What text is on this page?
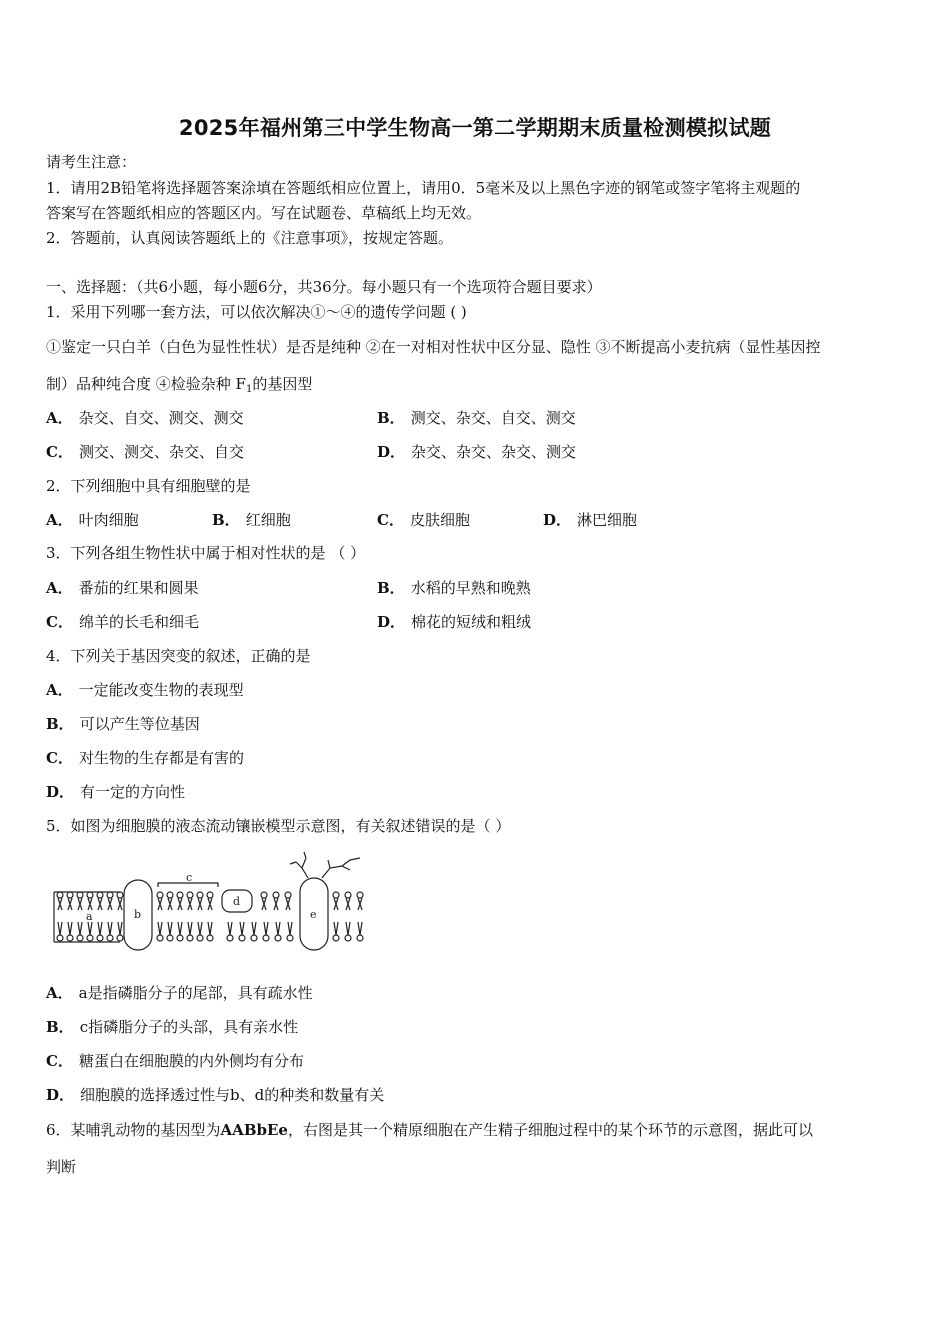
2025年福州第三中学生物高一第二学期期末质量检测模拟试题
请考生注意：
1．请用2B铅笔将选择题答案涂填在答题纸相应位置上，请用0．5毫米及以上黑色字迹的钢笔或签字笔将主观题的
答案写在答题纸相应的答题区内。写在试题卷、草稿纸上均无效。
2．答题前，认真阅读答题纸上的《注意事项》，按规定答题。
一、选择题：（共6小题，每小题6分，共36分。每小题只有一个选项符合题目要求）
1．采用下列哪一套方法，可以依次解决①～④的遗传学问题 ( )
①鉴定一只白羊（白色为显性性状）是否是纯种 ②在一对相对性状中区分显、隐性 ③不断提高小麦抗病（显性基因控
制）品种纯合度 ④检验杂种 $F_1$的基因型
A． 杂交、自交、测交、测交	B． 测交、杂交、自交、测交
C． 测交、测交、杂交、自交	D． 杂交、杂交、杂交、测交
2．下列细胞中具有细胞壁的是
A． 叶肉细胞	B． 红细胞	C． 皮肤细胞	D． 淋巴细胞
3．下列各组生物性状中属于相对性状的是 （ ）
A． 番茄的红果和圆果	B． 水稻的早熟和晚熟
C． 绵羊的长毛和细毛	D． 棉花的短绒和粗绒
4．下列关于基因突变的叙述，正确的是
A． 一定能改变生物的表现型
B． 可以产生等位基因
C． 对生物的生存都是有害的
D． 有一定的方向性
5．如图为细胞膜的液态流动镶嵌模型示意图，有关叙述错误的是（ ）
a	b
c
d
e
A． a是指磷脂分子的尾部，具有疏水性
B． c指磷脂分子的头部，具有亲水性
C． 糖蛋白在细胞膜的内外侧均有分布
D． 细胞膜的选择透过性与b、d的种类和数量有关
6．某哺乳动物的基因型为AABbEe，右图是其一个精原细胞在产生精子细胞过程中的某个环节的示意图，据此可以
判断
